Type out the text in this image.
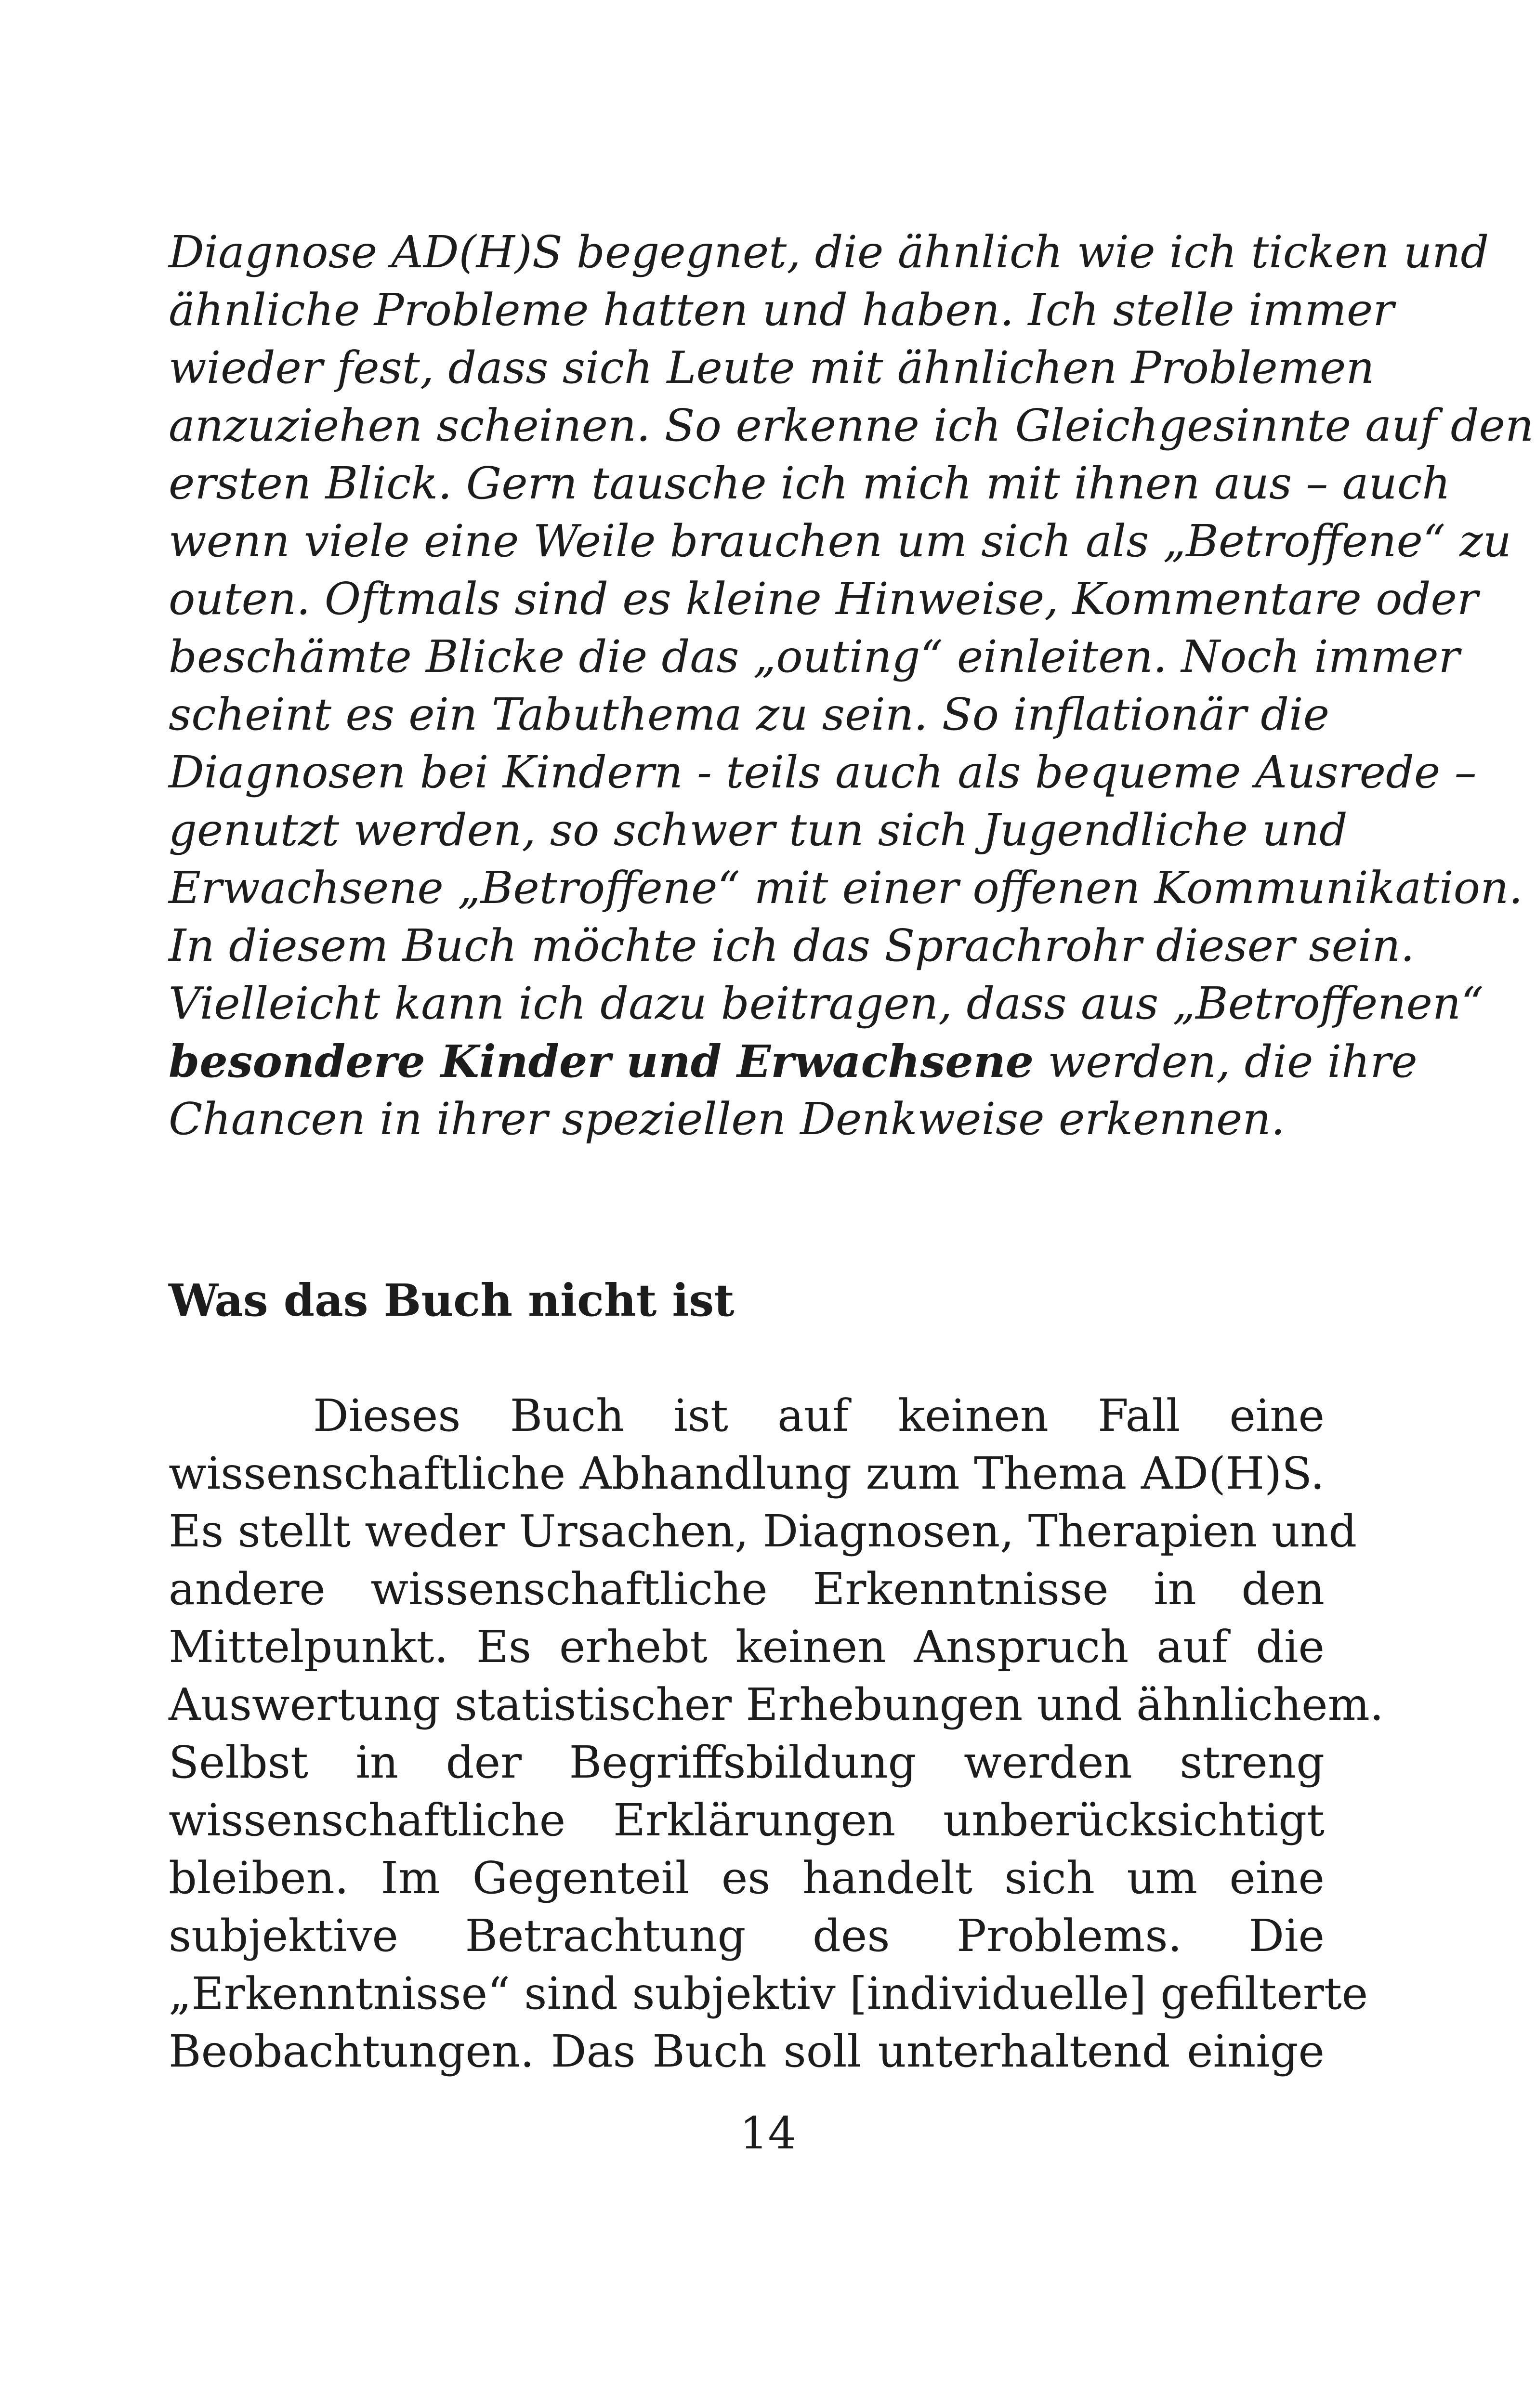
Diagnose AD(H)S begegnet, die ähnlich wie ich ticken und
ähnliche Probleme hatten und haben. Ich stelle immer
wieder fest, dass sich Leute mit ähnlichen Problemen
anzuziehen scheinen. So erkenne ich Gleichgesinnte auf den
ersten Blick. Gern tausche ich mich mit ihnen aus – auch
wenn viele eine Weile brauchen um sich als „Betroffene“ zu
outen. Oftmals sind es kleine Hinweise, Kommentare oder
beschämte Blicke die das „outing“ einleiten. Noch immer
scheint es ein Tabuthema zu sein. So inflationär die
Diagnosen bei Kindern - teils auch als bequeme Ausrede –
genutzt werden, so schwer tun sich Jugendliche und
Erwachsene „Betroffene“ mit einer offenen Kommunikation.
In diesem Buch möchte ich das Sprachrohr dieser sein.
Vielleicht kann ich dazu beitragen, dass aus „Betroffenen“
besondere Kinder und Erwachsene werden, die ihre
Chancen in ihrer speziellen Denkweise erkennen.
Was das Buch nicht ist
Dieses Buch ist auf keinen Fall eine
wissenschaftliche Abhandlung zum Thema AD(H)S.
Es stellt weder Ursachen, Diagnosen, Therapien und
andere wissenschaftliche Erkenntnisse in den
Mittelpunkt. Es erhebt keinen Anspruch auf die
Auswertung statistischer Erhebungen und ähnlichem.
Selbst in der Begriffsbildung werden streng
wissenschaftliche Erklärungen unberücksichtigt
bleiben. Im Gegenteil es handelt sich um eine
subjektive Betrachtung des Problems. Die
„Erkenntnisse“ sind subjektiv [individuelle] gefilterte
Beobachtungen. Das Buch soll unterhaltend einige
14
